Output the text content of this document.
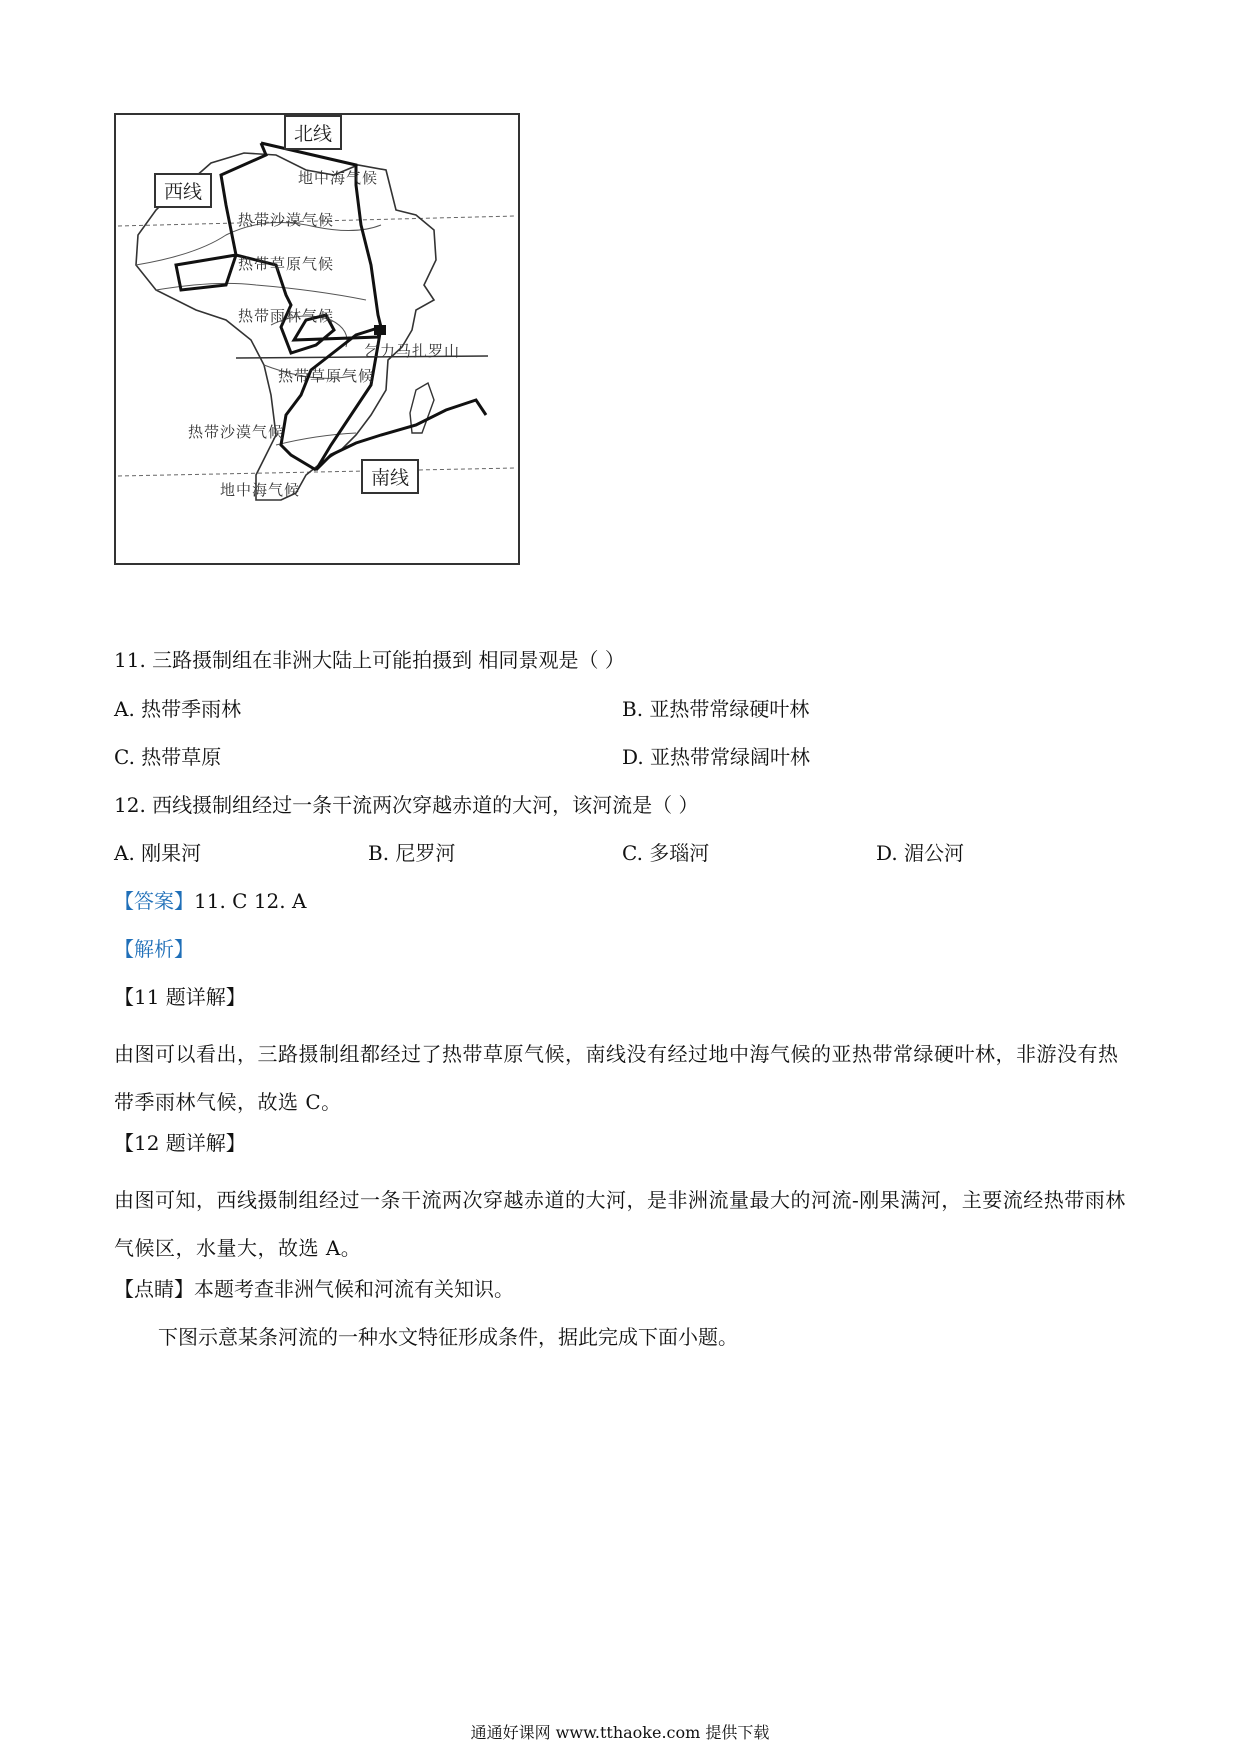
北线
西线
南线
地中海气候
热带沙漠气候
热带草原气候
热带雨林气候
乞力马扎罗山
热带草原气候
热带沙漠气候
地中海气候
11. 三路摄制组在非洲大陆上可能拍摄到 相同景观是（ ）
A. 热带季雨林	B. 亚热带常绿硬叶林
C. 热带草原	D. 亚热带常绿阔叶林
12. 西线摄制组经过一条干流两次穿越赤道的大河，该河流是（ ）
A. 刚果河	B. 尼罗河	C. 多瑙河	D. 湄公河
【答案】11. C 12. A
【解析】
【11 题详解】
由图可以看出，三路摄制组都经过了热带草原气候，南线没有经过地中海气候的亚热带常绿硬叶林，非游没有热带季雨林气候，故选 C。
【12 题详解】
由图可知，西线摄制组经过一条干流两次穿越赤道的大河，是非洲流量最大的河流-刚果满河，主要流经热带雨林气候区，水量大，故选 A。
【点睛】本题考查非洲气候和河流有关知识。
下图示意某条河流的一种水文特征形成条件，据此完成下面小题。
通通好课网 www.tthaoke.com 提供下载
